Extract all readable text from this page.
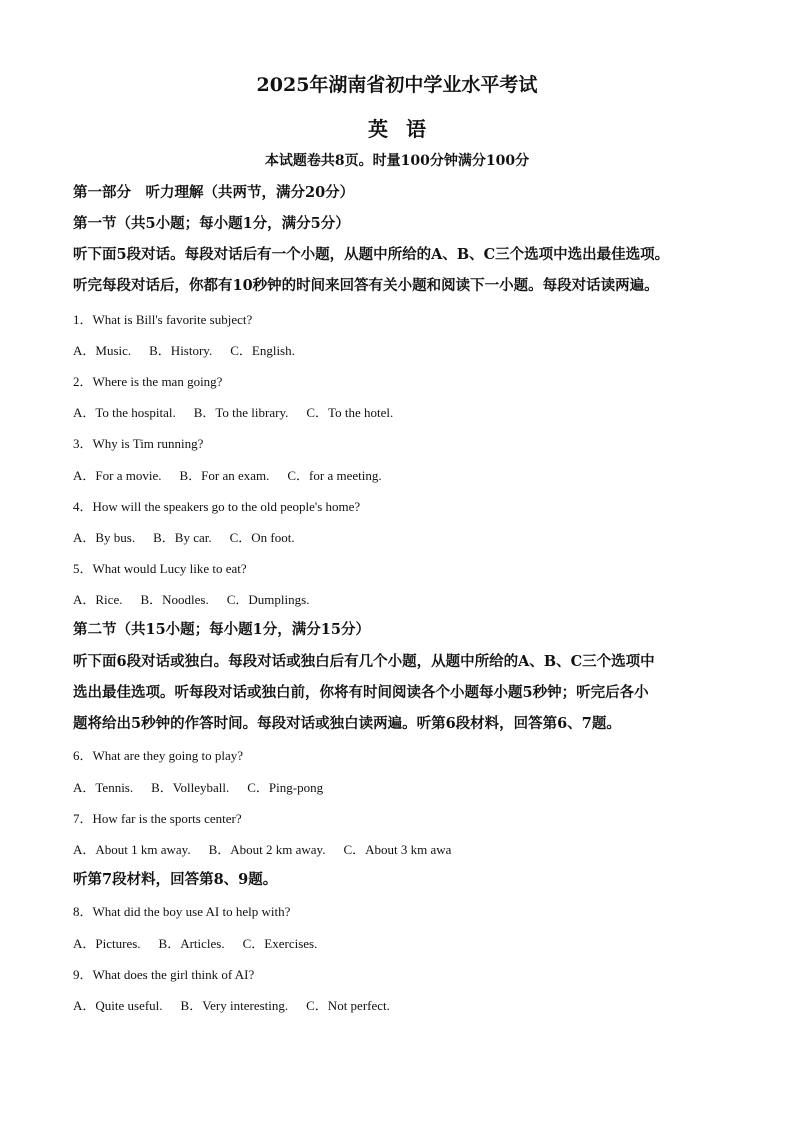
2025年湖南省初中学业水平考试
英语
本试题卷共8页。时量100分钟满分100分
第一部分　听力理解（共两节，满分20分）
第一节（共5小题；每小题1分，满分5分）
听下面5段对话。每段对话后有一个小题，从题中所给的A、B、C三个选项中选出最佳选项。
听完每段对话后，你都有10秒钟的时间来回答有关小题和阅读下一小题。每段对话读两遍。
1．What is Bill's favorite subject?
A．Music. B．History. C．English.
2．Where is the man going?
A．To the hospital. B．To the library. C．To the hotel.
3．Why is Tim running?
A．For a movie. B．For an exam. C．for a meeting.
4．How will the speakers go to the old people's home?
A．By bus. B．By car. C．On foot.
5．What would Lucy like to eat?
A．Rice. B．Noodles. C．Dumplings.
第二节（共15小题；每小题1分，满分15分）
听下面6段对话或独白。每段对话或独白后有几个小题，从题中所给的A、B、C三个选项中
选出最佳选项。听每段对话或独白前，你将有时间阅读各个小题每小题5秒钟；听完后各小
题将给出5秒钟的作答时间。每段对话或独白读两遍。听第6段材料，回答第6、7题。
6．What are they going to play?
A．Tennis. B．Volleyball. C．Ping-pong
7．How far is the sports center?
A．About 1 km away. B．About 2 km away. C．About 3 km awa
听第7段材料，回答第8、9题。
8．What did the boy use AI to help with?
A．Pictures. B．Articles. C．Exercises.
9．What does the girl think of AI?
A．Quite useful. B．Very interesting. C．Not perfect.
